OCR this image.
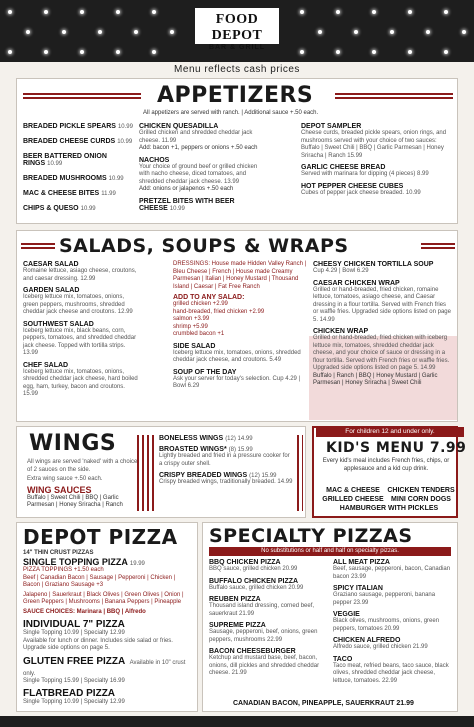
FOOD DEPOT
BAR & GRILL
Menu reflects cash prices
APPETIZERS
All appetizers are served with ranch. | Additional sauce +.50 each.
BREADED PICKLE SPEARS 10.99
BREADED CHEESE CURDS 10.99
BEER BATTERED ONION RINGS 10.99
BREADED MUSHROOMS 10.99
MAC & CHEESE BITES 11.99
CHIPS & QUESO 10.99
CHICKEN QUESADILLA
Grilled chicken and shredded cheddar jack cheese. 11.99
Add: bacon +1, peppers or onions +.50 each
NACHOS
Your choice of ground beef or grilled chicken with nacho cheese, diced tomatoes, and shredded cheddar jack cheese. 13.99
Add: onions or jalapenos +.50 each
PRETZEL BITES WITH BEER CHEESE 10.99
DEPOT SAMPLER
Cheese curds, breaded pickle spears, onion rings, and mushrooms served with your choice of two sauces: Buffalo | Sweet Chili | BBQ | Garlic Parmesan | Honey Sriracha | Ranch 15.99
GARLIC CHEESE BREAD
Served with marinara for dipping (4 pieces) 8.99
HOT PEPPER CHEESE CUBES
Cubes of pepper jack cheese breaded. 10.99
SALADS, SOUPS & WRAPS
CAESAR SALAD
Romaine lettuce, asiago cheese, croutons, and caesar dressing. 12.99
GARDEN SALAD
Iceberg lettuce mix, tomatoes, onions, green peppers, mushrooms, shredded cheddar jack cheese and croutons. 12.99
SOUTHWEST SALAD
Iceberg lettuce mix, black beans, corn, peppers, tomatoes, and shredded cheddar jack cheese. Topped with tortilla strips. 13.99
CHEF SALAD
Iceberg lettuce mix, tomatoes, onions, shredded cheddar jack cheese, hard boiled egg, ham, turkey, bacon and croutons. 15.99
DRESSINGS: House made Hidden Valley Ranch | Bleu Cheese | French | House made Creamy Parmesan | Italian | Honey Mustard | Thousand Island | Caesar | Fat Free Ranch
ADD TO ANY SALAD:
grilled chicken +2.99
hand-breaded, fried chicken +2.99
salmon +3.99
shrimp +5.99
crumbled bacon +1
SIDE SALAD
Iceberg lettuce mix, tomatoes, onions, shredded cheddar jack cheese, and croutons. 5.49
SOUP OF THE DAY
Ask your server for today's selection. Cup 4.29 | Bowl 6.29
CHEESY CHICKEN TORTILLA SOUP
Cup 4.29 | Bowl 6.29
CAESAR CHICKEN WRAP
Grilled or hand-breaded, fried chicken, romaine lettuce, tomatoes, asiago cheese, and Caesar dressing in a flour tortilla. Served with French fries or waffle fries. Upgraded side options listed on page 5. 14.99
CHICKEN WRAP
Grilled or hand-breaded, fried chicken with iceberg lettuce mix, tomatoes, shredded cheddar jack cheese, and your choice of sauce or dressing in a flour tortilla. Served with French fries or waffle fries. Upgraded side options listed on page 5. 14.99
Buffalo | Ranch | BBQ | Honey Mustard | Garlic Parmesan | Honey Sriracha | Sweet Chili
WINGS
All wings are served 'naked' with a choice of 2 sauces on the side.
Extra wing sauce +.50 each.
WING SAUCES
Buffalo | Sweet Chili | BBQ | Garlic Parmesan | Honey Sriracha | Ranch
BONELESS WINGS (12) 14.99
BROASTED WINGS* (8) 15.99
Lightly breaded and fried in a pressure cooker for a crispy outer shell.
CRISPY BREADED WINGS (12) 15.99
Crispy breaded wings, traditionally breaded. 14.99
For children 12 and under only.
KID'S MENU 7.99
Every kid's meal includes French fries, chips, or applesauce and a kid cup drink.
MAC & CHEESE	CHICKEN TENDERS
GRILLED CHEESE	MINI CORN DOGS
HAMBURGER WITH PICKLES
DEPOT PIZZA
14" THIN CRUST PIZZAS
SINGLE TOPPING PIZZA 19.99
PIZZA TOPPINGS +1.50 each
Beef | Canadian Bacon | Sausage | Pepperoni | Chicken | Bacon | Graziano Sausage +3
Jalapeno | Sauerkraut | Black Olives | Green Olives | Onion | Green Peppers | Mushrooms | Banana Peppers | Pineapple
SAUCE CHOICES: Marinara | BBQ | Alfredo
INDIVIDUAL 7" PIZZA
Single Topping 10.99 | Specialty 12.99
Available for lunch or dinner. Includes side salad or fries. Upgrade side options on page 5.
GLUTEN FREE PIZZA Available in 10" crust only.
Single Topping 15.99 | Specialty 16.99
FLATBREAD PIZZA
Single Topping 10.99 | Specialty 12.99
SPECIALTY PIZZAS
No substitutions or half and half on specialty pizzas.
BBQ CHICKEN PIZZA
BBQ sauce, grilled chicken 20.99
BUFFALO CHICKEN PIZZA
Buffalo sauce, grilled chicken 20.99
REUBEN PIZZA
Thousand island dressing, corned beef, sauerkraut 21.99
SUPREME PIZZA
Sausage, pepperoni, beef, onions, green peppers, mushrooms 22.99
BACON CHEESEBURGER
Ketchup and mustard base, beef, bacon, onions, dill pickles and shredded cheddar cheese. 21.99
ALL MEAT PIZZA
Beef, sausage, pepperoni, bacon, Canadian bacon 23.99
SPICY ITALIAN
Graziano sausage, pepperoni, banana pepper 23.99
VEGGIE
Black olives, mushrooms, onions, green peppers, tomatoes 20.99
CHICKEN ALFREDO
Alfredo sauce, grilled chicken 21.99
TACO
Taco meat, refried beans, taco sauce, black olives, shredded cheddar jack cheese, lettuce, tomatoes. 22.99
CANADIAN BACON, PINEAPPLE, SAUERKRAUT 21.99
